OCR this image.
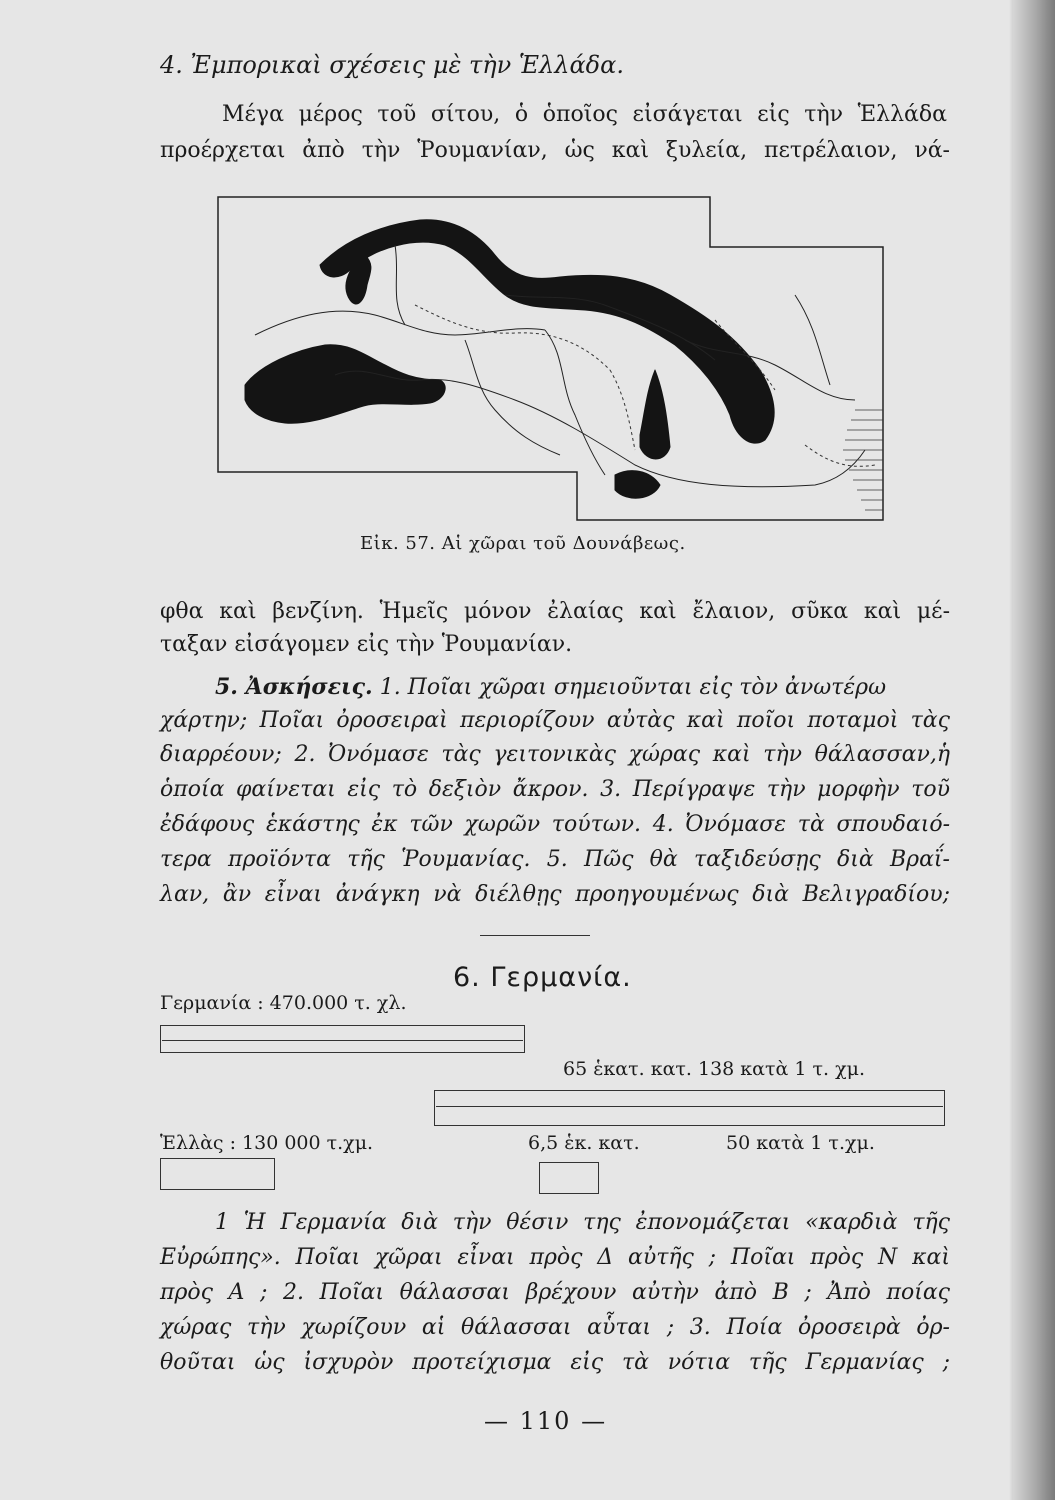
4. Ἐμπορικαὶ σχέσεις μὲ τὴν Ἑλλάδα.
Μέγα μέρος τοῦ σίτου, ὁ ὁποῖος εἰσάγεται εἰς τὴν Ἑλλάδα
προέρχεται ἀπὸ τὴν Ῥουμανίαν, ὡς καὶ ξυλεία, πετρέλαιον, νά-
Εἰκ. 57. Αἱ χῶραι τοῦ Δουνάβεως.
φθα καὶ βενζίνη. Ἡμεῖς μόνον ἐλαίας καὶ ἔλαιον, σῦκα καὶ μέ-
ταξαν εἰσάγομεν εἰς τὴν Ῥουμανίαν.
5. Ἀσκήσεις. 1. Ποῖαι χῶραι σημειοῦνται εἰς τὸν ἀνωτέρω
χάρτην; Ποῖαι ὀροσειραὶ περιορίζουν αὐτὰς καὶ ποῖοι ποταμοὶ τὰς
διαρρέουν; 2. Ὀνόμασε τὰς γειτονικὰς χώρας καὶ τὴν θάλασσαν,ἡ
ὁποία φαίνεται εἰς τὸ δεξιὸν ἄκρον. 3. Περίγραψε τὴν μορφὴν τοῦ
ἐδάφους ἑκάστης ἐκ τῶν χωρῶν τούτων. 4. Ὀνόμασε τὰ σπουδαιό-
τερα προϊόντα τῆς Ῥουμανίας. 5. Πῶς θὰ ταξιδεύσῃς διὰ Βραΐ-
λαν, ἂν εἶναι ἀνάγκη νὰ διέλθῃς προηγουμένως διὰ Βελιγραδίου;
6. Γερμανία.
Γερμανία : 470.000 τ. χλ.
65 ἑκατ. κατ. 138 κατὰ 1 τ. χμ.
Ἑλλὰς : 130 000 τ.χμ.	6,5 ἑκ. κατ.	50 κατὰ 1 τ.χμ.
1 Ἡ Γερμανία διὰ τὴν θέσιν της ἐπονομάζεται «καρδιὰ τῆς
Εὐρώπης». Ποῖαι χῶραι εἶναι πρὸς Δ αὐτῆς ; Ποῖαι πρὸς Ν καὶ
πρὸς Α ; 2. Ποῖαι θάλασσαι βρέχουν αὐτὴν ἀπὸ Β ; Ἀπὸ ποίας
χώρας τὴν χωρίζουν αἱ θάλασσαι αὗται ; 3. Ποία ὀροσειρὰ ὀρ-
θοῦται ὡς ἰσχυρὸν προτείχισμα εἰς τὰ νότια τῆς Γερμανίας ;
— 110 —
